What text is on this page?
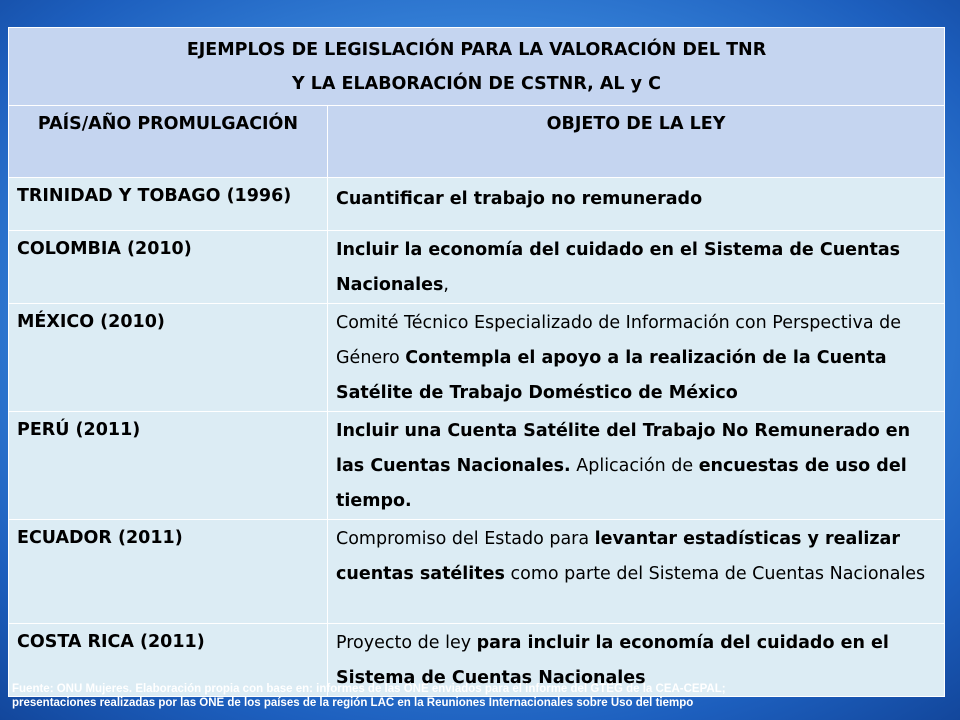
EJEMPLOS DE LEGISLACIÓN PARA LA VALORACIÓN DEL TNR
Y LA ELABORACIÓN DE CSTNR, AL y C	

PAÍS/AÑO PROMULGACIÓN	OBJETO DE LA LEY
TRINIDAD Y TOBAGO (1996)	Cuantificar el trabajo no remunerado
COLOMBIA (2010)	Incluir la economía del cuidado en el Sistema de Cuentas Nacionales,
MÉXICO (2010)	Comité Técnico Especializado de Información con Perspectiva de Género Contempla el apoyo a la realización de la Cuenta Satélite de Trabajo Doméstico de México
PERÚ (2011)	Incluir una Cuenta Satélite del Trabajo No Remunerado en las Cuentas Nacionales. Aplicación de encuestas de uso del tiempo.
ECUADOR (2011)	Compromiso del Estado para levantar estadísticas y realizar cuentas satélites como parte del Sistema de Cuentas Nacionales
COSTA RICA (2011)	Proyecto de ley para incluir la economía del cuidado en el Sistema de Cuentas Nacionales
Fuente: ONU Mujeres. Elaboración propia con base en: informes de las ONE enviados para el informe del GTEG de la CEA-CEPAL;
presentaciones realizadas por las ONE de los países de la región LAC en la Reuniones Internacionales sobre Uso del tiempo
